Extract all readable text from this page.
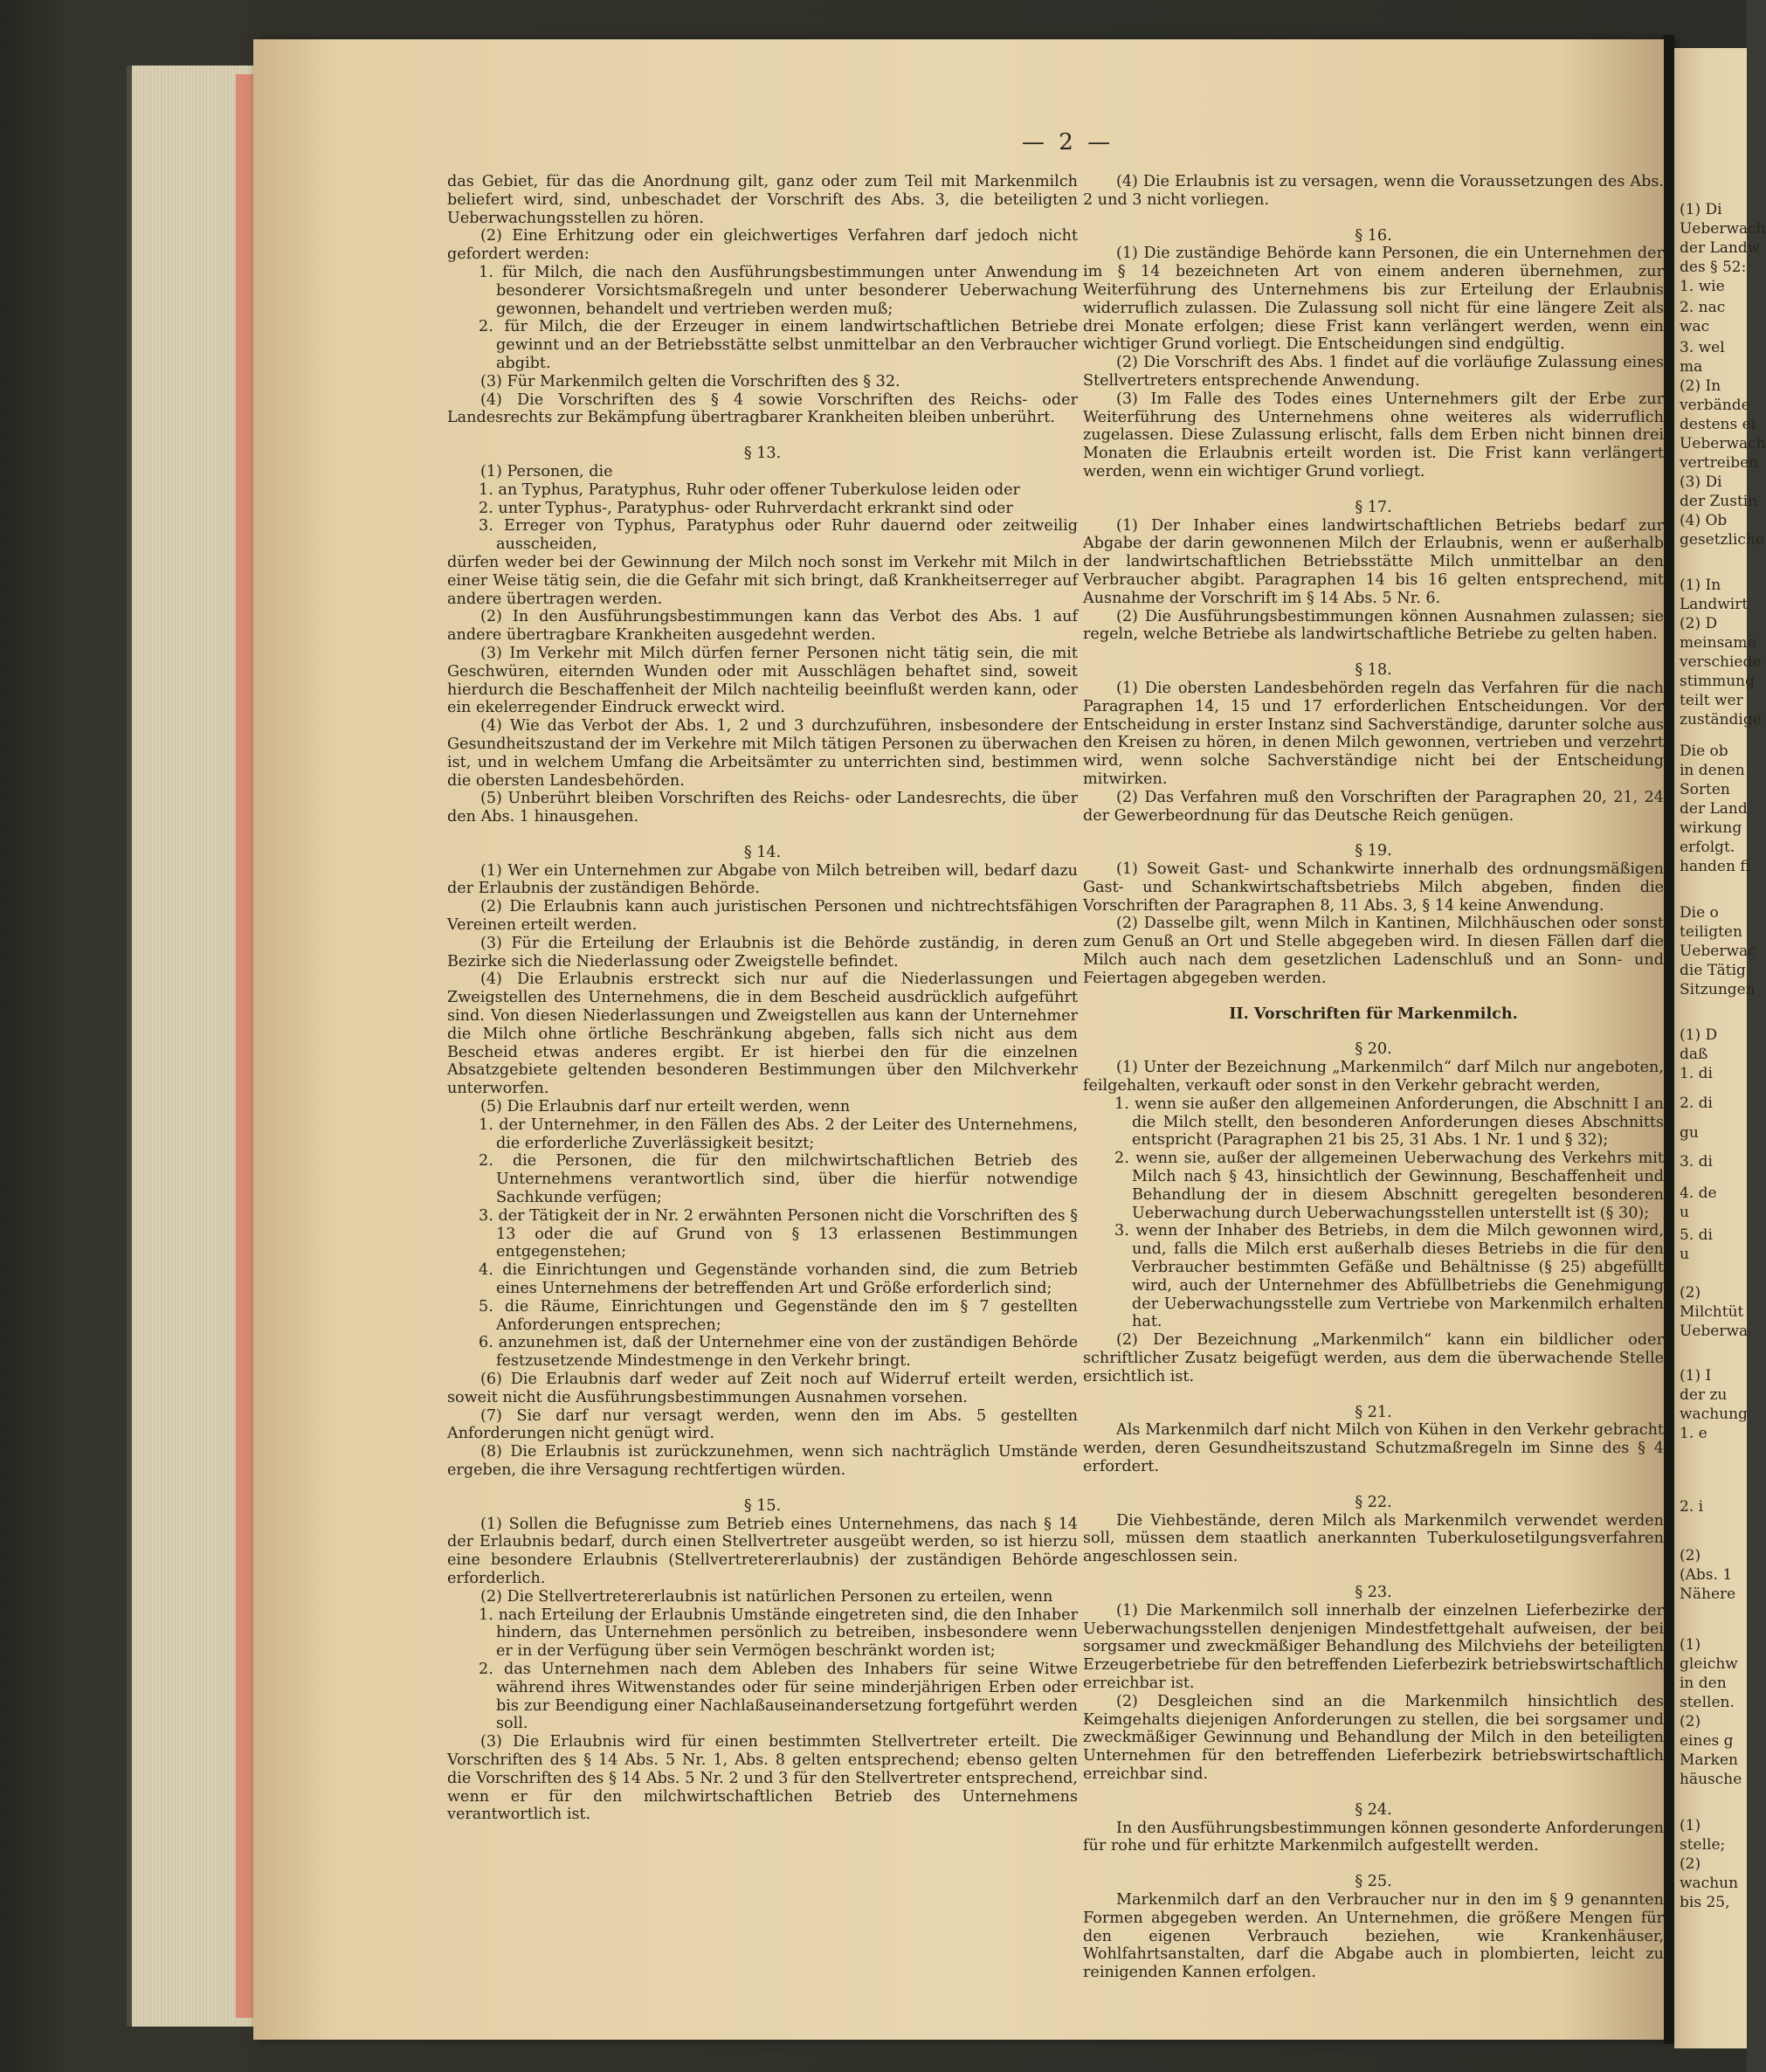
(1) Di
Ueberwach
der Landw
des § 52:
1. wie
2. nac
wac
3. wel
ma
(2) In
verbände
destens ei
Ueberwach
vertreiben
(3) Di
der Zustin
(4) Ob
gesetzliche
(1) In
Landwirt
(2) D
meinsame
verschiede
stimmung
teilt wer
zuständige
Die ob
in denen
Sorten
der Land
wirkung
erfolgt.
handen fi
Die o
teiligten
Ueberwac
die Tätig
Sitzungen
(1) D
daß
1. di
2. di
gu
3. di
4. de
u
5. di
u
(2)
Milchtüt
Ueberwa
(1) I
der zu
wachung
1. e
2. i
(2)
(Abs. 1
Nähere
(1)
gleichw
in den
stellen.
(2)
eines g
Marken
häusche
(1)
stelle;
(2)
wachun
bis 25,
— 2 —

das Gebiet, für das die Anordnung gilt, ganz oder zum Teil mit Markenmilch beliefert wird, sind, unbeschadet der Vorschrift des Abs. 3, die beteiligten Ueberwachungsstellen zu hören.

(2) Eine Erhitzung oder ein gleichwertiges Verfahren darf jedoch nicht gefordert werden:

1. für Milch, die nach den Ausführungsbestimmungen unter Anwendung besonderer Vorsichtsmaßregeln und unter besonderer Ueberwachung gewonnen, behandelt und vertrieben werden muß;

2. für Milch, die der Erzeuger in einem landwirtschaftlichen Betriebe gewinnt und an der Betriebsstätte selbst unmittelbar an den Verbraucher abgibt.

(3) Für Markenmilch gelten die Vorschriften des § 32.

(4) Die Vorschriften des § 4 sowie Vorschriften des Reichs- oder Landesrechts zur Bekämpfung übertragbarer Krankheiten bleiben unberührt.

§ 13.

(1) Personen, die

1. an Typhus, Paratyphus, Ruhr oder offener Tuberkulose leiden oder

2. unter Typhus-, Paratyphus- oder Ruhrverdacht erkrankt sind oder

3. Erreger von Typhus, Paratyphus oder Ruhr dauernd oder zeitweilig ausscheiden,

dürfen weder bei der Gewinnung der Milch noch sonst im Verkehr mit Milch in einer Weise tätig sein, die die Gefahr mit sich bringt, daß Krankheitserreger auf andere übertragen werden.

(2) In den Ausführungsbestimmungen kann das Verbot des Abs. 1 auf andere übertragbare Krankheiten ausgedehnt werden.

(3) Im Verkehr mit Milch dürfen ferner Personen nicht tätig sein, die mit Geschwüren, eiternden Wunden oder mit Ausschlägen behaftet sind, soweit hierdurch die Beschaffenheit der Milch nachteilig beeinflußt werden kann, oder ein ekelerregender Eindruck erweckt wird.

(4) Wie das Verbot der Abs. 1, 2 und 3 durchzuführen, insbesondere der Gesundheitszustand der im Verkehre mit Milch tätigen Personen zu überwachen ist, und in welchem Umfang die Arbeitsämter zu unterrichten sind, bestimmen die obersten Landesbehörden.

(5) Unberührt bleiben Vorschriften des Reichs- oder Landesrechts, die über den Abs. 1 hinausgehen.

§ 14.

(1) Wer ein Unternehmen zur Abgabe von Milch betreiben will, bedarf dazu der Erlaubnis der zuständigen Behörde.

(2) Die Erlaubnis kann auch juristischen Personen und nichtrechtsfähigen Vereinen erteilt werden.

(3) Für die Erteilung der Erlaubnis ist die Behörde zuständig, in deren Bezirke sich die Niederlassung oder Zweigstelle befindet.

(4) Die Erlaubnis erstreckt sich nur auf die Niederlassungen und Zweigstellen des Unternehmens, die in dem Bescheid ausdrücklich aufgeführt sind. Von diesen Niederlassungen und Zweigstellen aus kann der Unternehmer die Milch ohne örtliche Beschränkung abgeben, falls sich nicht aus dem Bescheid etwas anderes ergibt. Er ist hierbei den für die einzelnen Absatzgebiete geltenden besonderen Bestimmungen über den Milchverkehr unterworfen.

(5) Die Erlaubnis darf nur erteilt werden, wenn

1. der Unternehmer, in den Fällen des Abs. 2 der Leiter des Unternehmens, die erforderliche Zuverlässigkeit besitzt;

2. die Personen, die für den milchwirtschaftlichen Betrieb des Unternehmens verantwortlich sind, über die hierfür notwendige Sachkunde verfügen;

3. der Tätigkeit der in Nr. 2 erwähnten Personen nicht die Vorschriften des § 13 oder die auf Grund von § 13 erlassenen Bestimmungen entgegenstehen;

4. die Einrichtungen und Gegenstände vorhanden sind, die zum Betrieb eines Unternehmens der betreffenden Art und Größe erforderlich sind;

5. die Räume, Einrichtungen und Gegenstände den im § 7 gestellten Anforderungen entsprechen;

6. anzunehmen ist, daß der Unternehmer eine von der zuständigen Behörde festzusetzende Mindestmenge in den Verkehr bringt.

(6) Die Erlaubnis darf weder auf Zeit noch auf Widerruf erteilt werden, soweit nicht die Ausführungsbestimmungen Ausnahmen vorsehen.

(7) Sie darf nur versagt werden, wenn den im Abs. 5 gestellten Anforderungen nicht genügt wird.

(8) Die Erlaubnis ist zurückzunehmen, wenn sich nachträglich Umstände ergeben, die ihre Versagung rechtfertigen würden.

§ 15.

(1) Sollen die Befugnisse zum Betrieb eines Unternehmens, das nach § 14 der Erlaubnis bedarf, durch einen Stellvertreter ausgeübt werden, so ist hierzu eine besondere Erlaubnis (Stellvertretererlaubnis) der zuständigen Behörde erforderlich.

(2) Die Stellvertretererlaubnis ist natürlichen Personen zu erteilen, wenn

1. nach Erteilung der Erlaubnis Umstände eingetreten sind, die den Inhaber hindern, das Unternehmen persönlich zu betreiben, insbesondere wenn er in der Verfügung über sein Vermögen beschränkt worden ist;

2. das Unternehmen nach dem Ableben des Inhabers für seine Witwe während ihres Witwenstandes oder für seine minderjährigen Erben oder bis zur Beendigung einer Nachlaßauseinandersetzung fortgeführt werden soll.

(3) Die Erlaubnis wird für einen bestimmten Stellvertreter erteilt. Die Vorschriften des § 14 Abs. 5 Nr. 1, Abs. 8 gelten entsprechend; ebenso gelten die Vorschriften des § 14 Abs. 5 Nr. 2 und 3 für den Stellvertreter entsprechend, wenn er für den milchwirtschaftlichen Betrieb des Unternehmens verantwortlich ist.

(4) Die Erlaubnis ist zu versagen, wenn die Voraussetzungen des Abs. 2 und 3 nicht vorliegen.

§ 16.

(1) Die zuständige Behörde kann Personen, die ein Unternehmen der im § 14 bezeichneten Art von einem anderen übernehmen, zur Weiterführung des Unternehmens bis zur Erteilung der Erlaubnis widerruflich zulassen. Die Zulassung soll nicht für eine längere Zeit als drei Monate erfolgen; diese Frist kann verlängert werden, wenn ein wichtiger Grund vorliegt. Die Entscheidungen sind endgültig.

(2) Die Vorschrift des Abs. 1 findet auf die vorläufige Zulassung eines Stellvertreters entsprechende Anwendung.

(3) Im Falle des Todes eines Unternehmers gilt der Erbe zur Weiterführung des Unternehmens ohne weiteres als widerruflich zugelassen. Diese Zulassung erlischt, falls dem Erben nicht binnen drei Monaten die Erlaubnis erteilt worden ist. Die Frist kann verlängert werden, wenn ein wichtiger Grund vorliegt.

§ 17.

(1) Der Inhaber eines landwirtschaftlichen Betriebs bedarf zur Abgabe der darin gewonnenen Milch der Erlaubnis, wenn er außerhalb der landwirtschaftlichen Betriebsstätte Milch unmittelbar an den Verbraucher abgibt. Paragraphen 14 bis 16 gelten entsprechend, mit Ausnahme der Vorschrift im § 14 Abs. 5 Nr. 6.

(2) Die Ausführungsbestimmungen können Ausnahmen zulassen; sie regeln, welche Betriebe als landwirtschaftliche Betriebe zu gelten haben.

§ 18.

(1) Die obersten Landesbehörden regeln das Verfahren für die nach Paragraphen 14, 15 und 17 erforderlichen Entscheidungen. Vor der Entscheidung in erster Instanz sind Sachverständige, darunter solche aus den Kreisen zu hören, in denen Milch gewonnen, vertrieben und verzehrt wird, wenn solche Sachverständige nicht bei der Entscheidung mitwirken.

(2) Das Verfahren muß den Vorschriften der Paragraphen 20, 21, 24 der Gewerbeordnung für das Deutsche Reich genügen.

§ 19.

(1) Soweit Gast- und Schankwirte innerhalb des ordnungsmäßigen Gast- und Schankwirtschaftsbetriebs Milch abgeben, finden die Vorschriften der Paragraphen 8, 11 Abs. 3, § 14 keine Anwendung.

(2) Dasselbe gilt, wenn Milch in Kantinen, Milchhäuschen oder sonst zum Genuß an Ort und Stelle abgegeben wird. In diesen Fällen darf die Milch auch nach dem gesetzlichen Ladenschluß und an Sonn- und Feiertagen abgegeben werden.

II. Vorschriften für Markenmilch.

§ 20.

(1) Unter der Bezeichnung „Markenmilch“ darf Milch nur angeboten, feilgehalten, verkauft oder sonst in den Verkehr gebracht werden,

1. wenn sie außer den allgemeinen Anforderungen, die Abschnitt I an die Milch stellt, den besonderen Anforderungen dieses Abschnitts entspricht (Paragraphen 21 bis 25, 31 Abs. 1 Nr. 1 und § 32);

2. wenn sie, außer der allgemeinen Ueberwachung des Verkehrs mit Milch nach § 43, hinsichtlich der Gewinnung, Beschaffenheit und Behandlung der in diesem Abschnitt geregelten besonderen Ueberwachung durch Ueberwachungsstellen unterstellt ist (§ 30);

3. wenn der Inhaber des Betriebs, in dem die Milch gewonnen wird, und, falls die Milch erst außerhalb dieses Betriebs in die für den Verbraucher bestimmten Gefäße und Behältnisse (§ 25) abgefüllt wird, auch der Unternehmer des Abfüllbetriebs die Genehmigung der Ueberwachungsstelle zum Vertriebe von Markenmilch erhalten hat.

(2) Der Bezeichnung „Markenmilch“ kann ein bildlicher oder schriftlicher Zusatz beigefügt werden, aus dem die überwachende Stelle ersichtlich ist.

§ 21.

Als Markenmilch darf nicht Milch von Kühen in den Verkehr gebracht werden, deren Gesundheitszustand Schutzmaßregeln im Sinne des § 4 erfordert.

§ 22.

Die Viehbestände, deren Milch als Markenmilch verwendet werden soll, müssen dem staatlich anerkannten Tuberkulosetilgungsverfahren angeschlossen sein.

§ 23.

(1) Die Markenmilch soll innerhalb der einzelnen Lieferbezirke der Ueberwachungsstellen denjenigen Mindestfettgehalt aufweisen, der bei sorgsamer und zweckmäßiger Behandlung des Milchviehs der beteiligten Erzeugerbetriebe für den betreffenden Lieferbezirk betriebswirtschaftlich erreichbar ist.

(2) Desgleichen sind an die Markenmilch hinsichtlich des Keimgehalts diejenigen Anforderungen zu stellen, die bei sorgsamer und zweckmäßiger Gewinnung und Behandlung der Milch in den beteiligten Unternehmen für den betreffenden Lieferbezirk betriebswirtschaftlich erreichbar sind.

§ 24.

In den Ausführungsbestimmungen können gesonderte Anforderungen für rohe und für erhitzte Markenmilch aufgestellt werden.

§ 25.

Markenmilch darf an den Verbraucher nur in den im § 9 genannten Formen abgegeben werden. An Unternehmen, die größere Mengen für den eigenen Verbrauch beziehen, wie Krankenhäuser, Wohlfahrtsanstalten, darf die Abgabe auch in plombierten, leicht zu reinigenden Kannen erfolgen.
